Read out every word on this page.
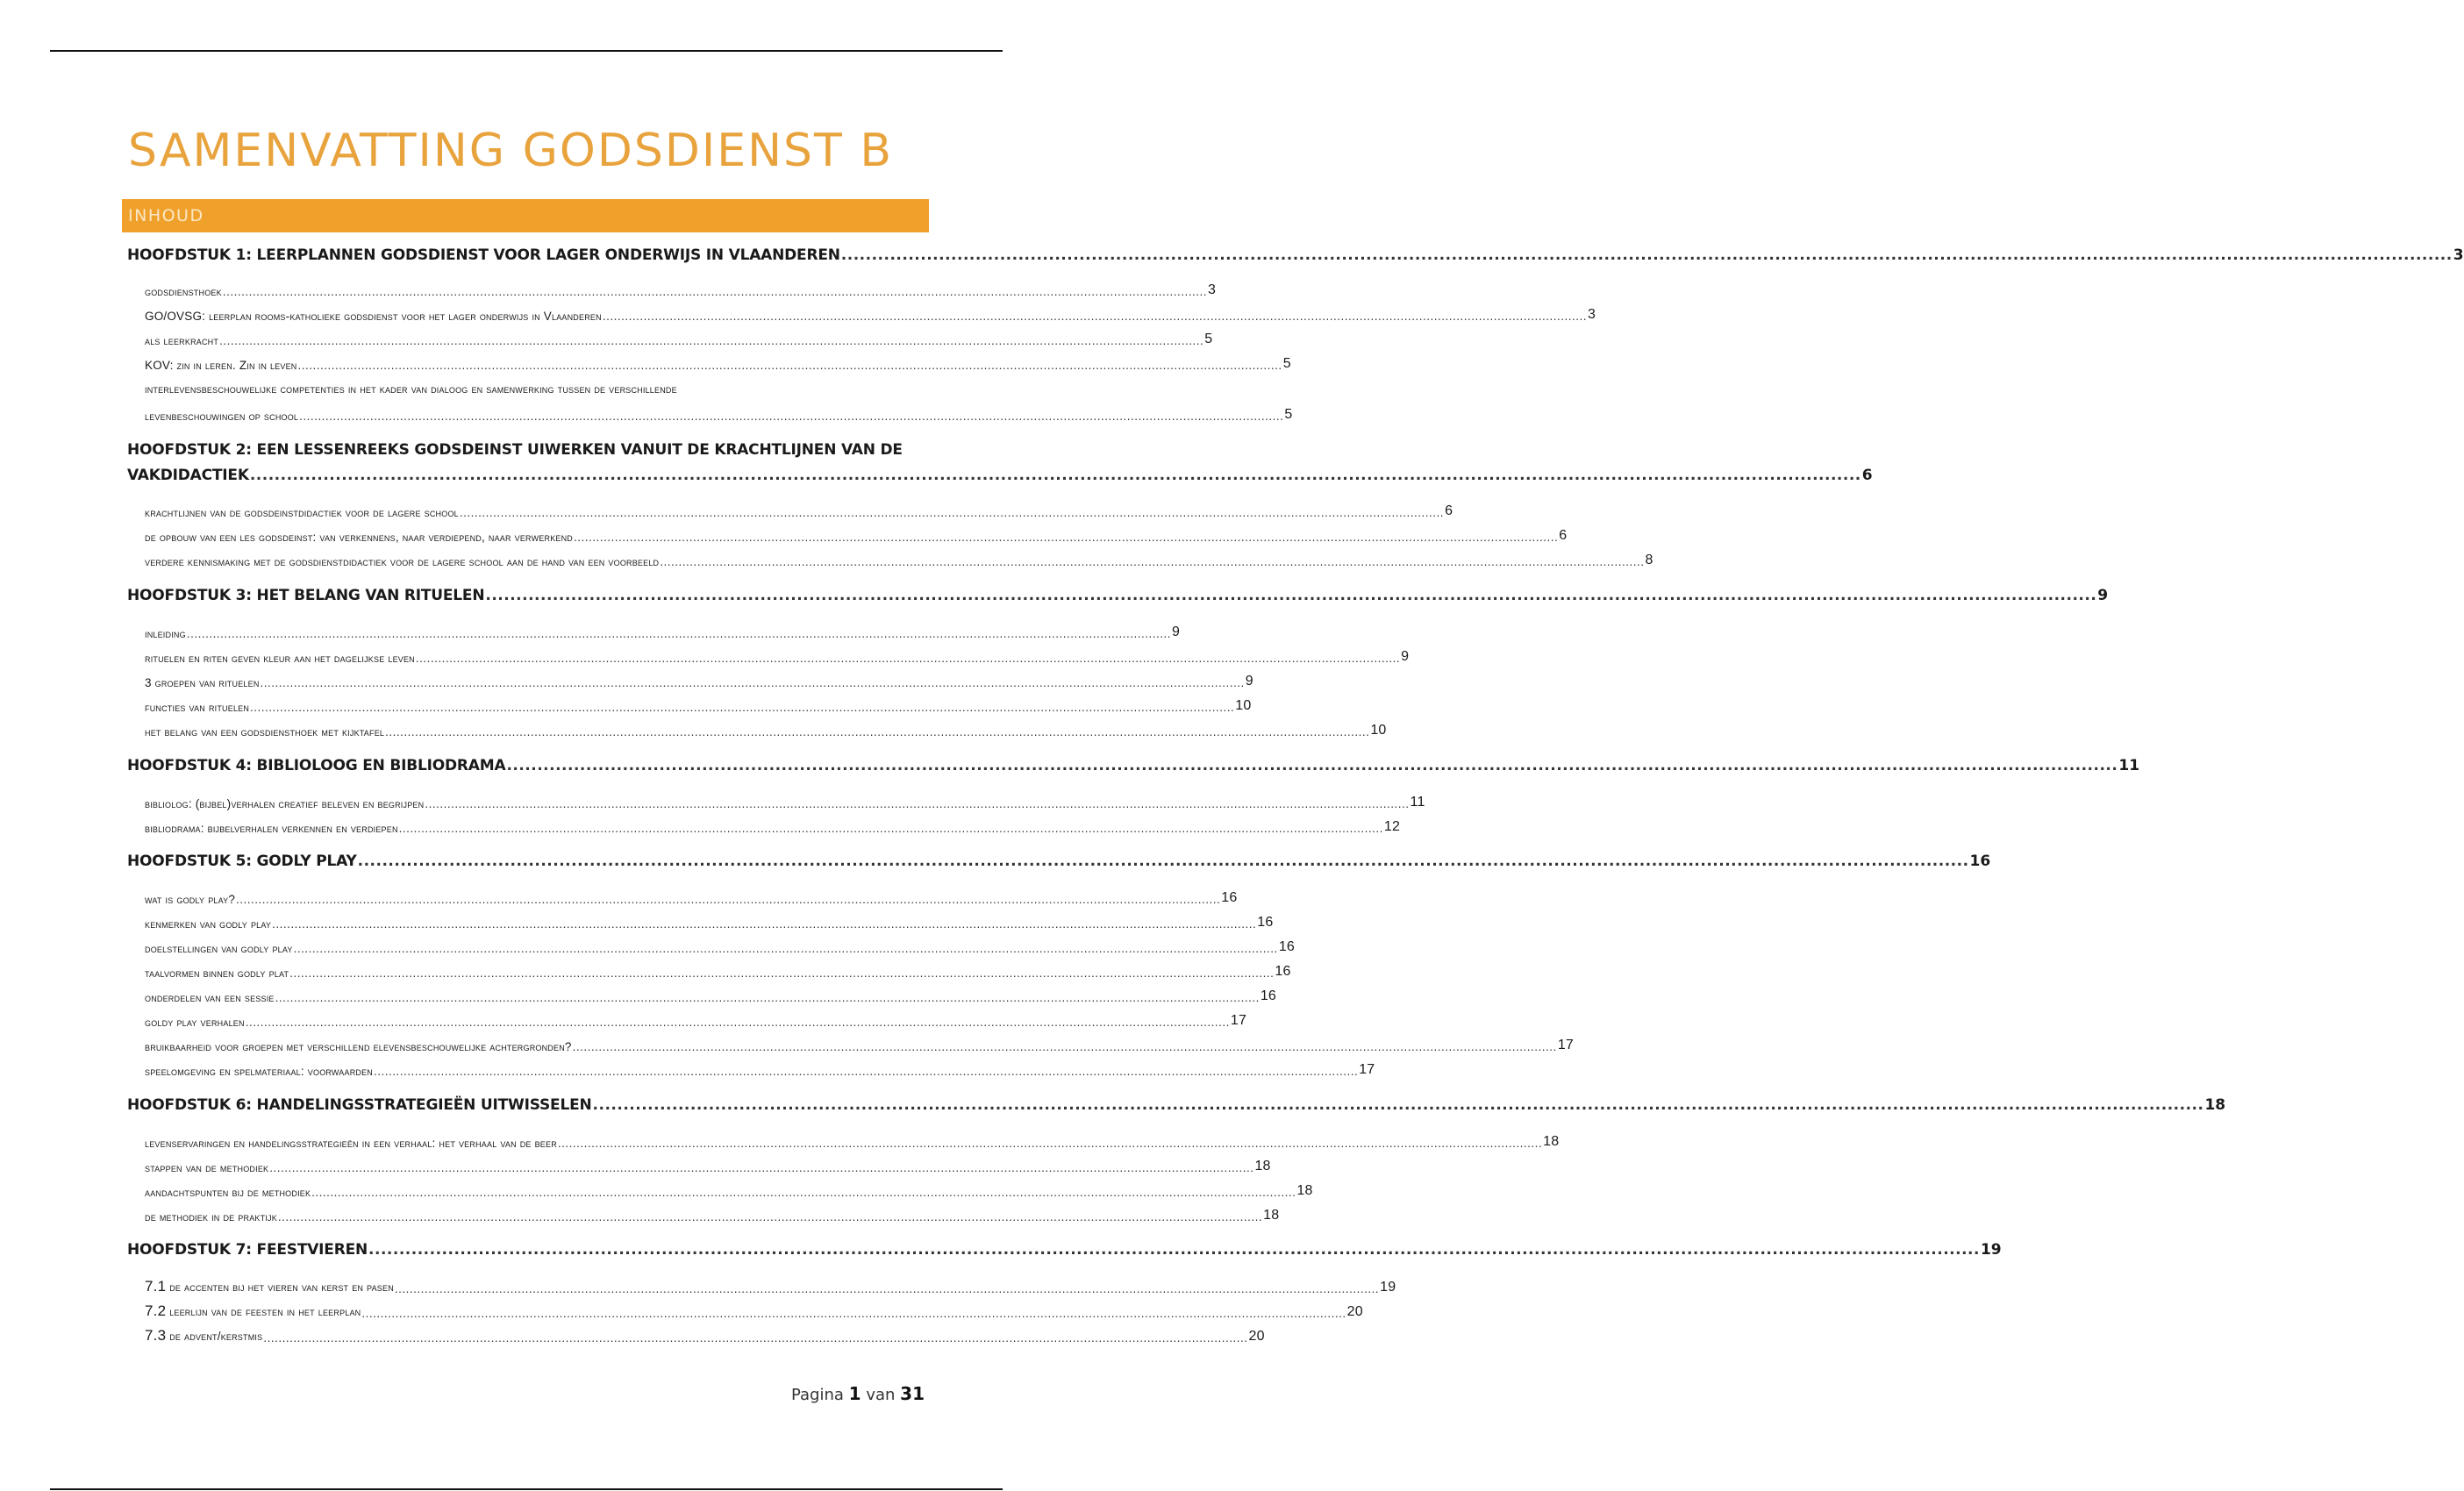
SAMENVATTING GODSDIENST B
INHOUD
HOOFDSTUK 1: LEERPLANNEN GODSDIENST VOOR LAGER ONDERWIJS IN VLAANDEREN .....	3
godsdiensthoek .....	3
GO/OVSG: leerplan rooms-katholieke godsdienst voor het lager onderwijs in Vlaanderen .....	3
als leerkracht .....	5
KOV: zin in leren. Zin in leven .....	5
interlevensbeschouwelijke competenties in het kader van dialoog en samenwerking tussen de verschillende
levenbeschouwingen op school .....	5
HOOFDSTUK 2: EEN LESSENREEKS GODSDEINST UIWERKEN VANUIT DE KRACHTLIJNEN VAN DE
VAKDIDACTIEK .....	6
krachtlijnen van de godsdeinstdidactiek voor de lagere school .....	6
de opbouw van een les godsdeinst: van verkennens, naar verdiepend, naar verwerkend .....	6
verdere kennismaking met de godsdienstdidactiek voor de lagere school aan de hand van een voorbeeld .....	8
HOOFDSTUK 3: HET BELANG VAN RITUELEN .....	9
inleiding .....	9
rituelen en riten geven kleur aan het dagelijkse leven .....	9
3 groepen van rituelen .....	9
functies van rituelen .....	10
het belang van een godsdiensthoek met kijktafel .....	10
HOOFDSTUK 4: BIBLIOLOOG EN BIBLIODRAMA .....	11
bibliolog: (bijbel)verhalen creatief beleven en begrijpen .....	11
bibliodrama: bijbelverhalen verkennen en verdiepen .....	12
HOOFDSTUK 5: GODLY PLAY .....	16
wat is godly play? .....	16
kenmerken van godly play .....	16
doelstellingen van godly play .....	16
taalvormen binnen godly plat .....	16
onderdelen van een sessie .....	16
goldy play verhalen .....	17
bruikbaarheid voor groepen met verschillend elevensbeschouwelijke achtergronden? .....	17
speelomgeving en spelmateriaal: voorwaarden .....	17
HOOFDSTUK 6: HANDELINGSSTRATEGIEËN UITWISSELEN .....	18
levenservaringen en handelingsstrategieën in een verhaal: het verhaal van de beer .....	18
stappen van de methodiek .....	18
aandachtspunten bij de methodiek .....	18
de methodiek in de praktijk .....	18
HOOFDSTUK 7: FEESTVIEREN .....	19
7.1 de accenten bij het vieren van kerst en pasen .....	19
7.2 leerlijn van de feesten in het leerplan .....	20
7.3 de advent/kerstmis .....	20
Pagina 1 van 31
